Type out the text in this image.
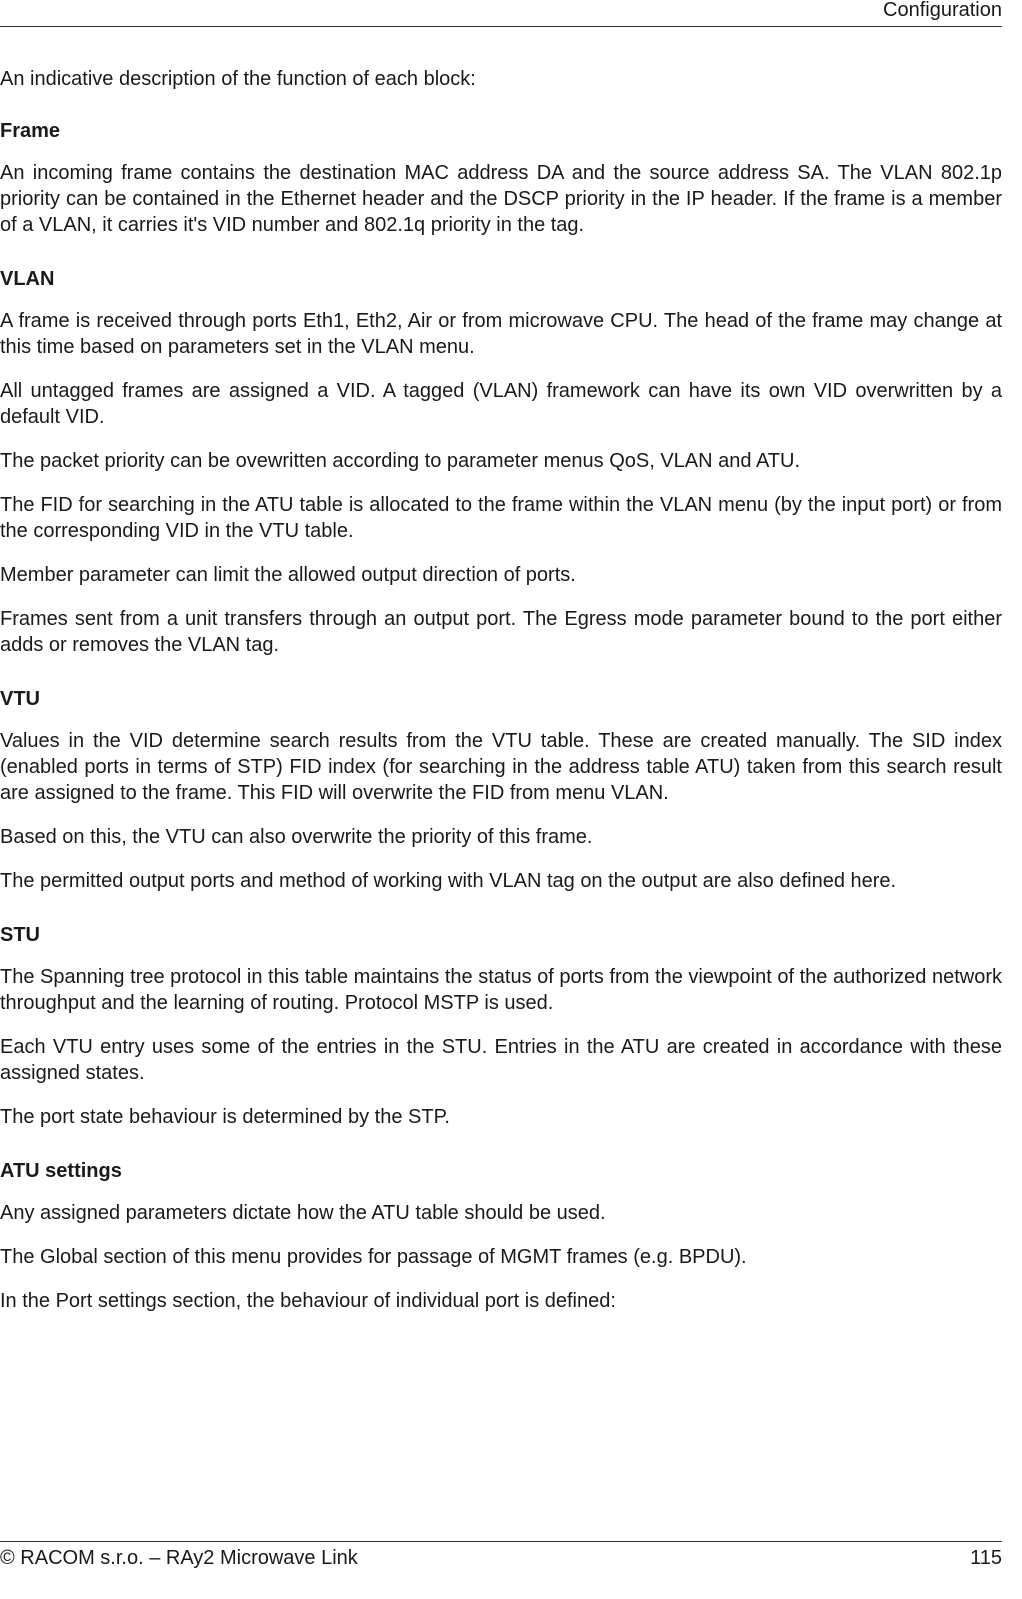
Configuration

An indicative description of the function of each block:

Frame

An incoming frame contains the destination MAC address DA and the source address SA. The VLAN 802.1p priority can be contained in the Ethernet header and the DSCP priority in the IP header. If the frame is a member of a VLAN, it carries it's VID number and 802.1q priority in the tag.

VLAN

A frame is received through ports Eth1, Eth2, Air or from microwave CPU. The head of the frame may change at this time based on parameters set in the VLAN menu.

All untagged frames are assigned a VID. A tagged (VLAN) framework can have its own VID overwritten by a default VID.

The packet priority can be ovewritten according to parameter menus QoS, VLAN and ATU.

The FID for searching in the ATU table is allocated to the frame within the VLAN menu (by the input port) or from the corresponding VID in the VTU table.

Member parameter can limit the allowed output direction of ports.

Frames sent from a unit transfers through an output port. The Egress mode parameter bound to the port either adds or removes the VLAN tag.

VTU

Values in the VID determine search results from the VTU table. These are created manually. The SID index (enabled ports in terms of STP) FID index (for searching in the address table ATU) taken from this search result are assigned to the frame. This FID will overwrite the FID from menu VLAN.

Based on this, the VTU can also overwrite the priority of this frame.

The permitted output ports and method of working with VLAN tag on the output are also defined here.

STU

The Spanning tree protocol in this table maintains the status of ports from the viewpoint of the authorized network throughput and the learning of routing. Protocol MSTP is used.

Each VTU entry uses some of the entries in the STU. Entries in the ATU are created in accordance with these assigned states.

The port state behaviour is determined by the STP.

ATU settings

Any assigned parameters dictate how the ATU table should be used.

The Global section of this menu provides for passage of MGMT frames (e.g. BPDU).

In the Port settings section, the behaviour of individual port is defined:

© RACOM s.r.o. – RAy2 Microwave Link	115
